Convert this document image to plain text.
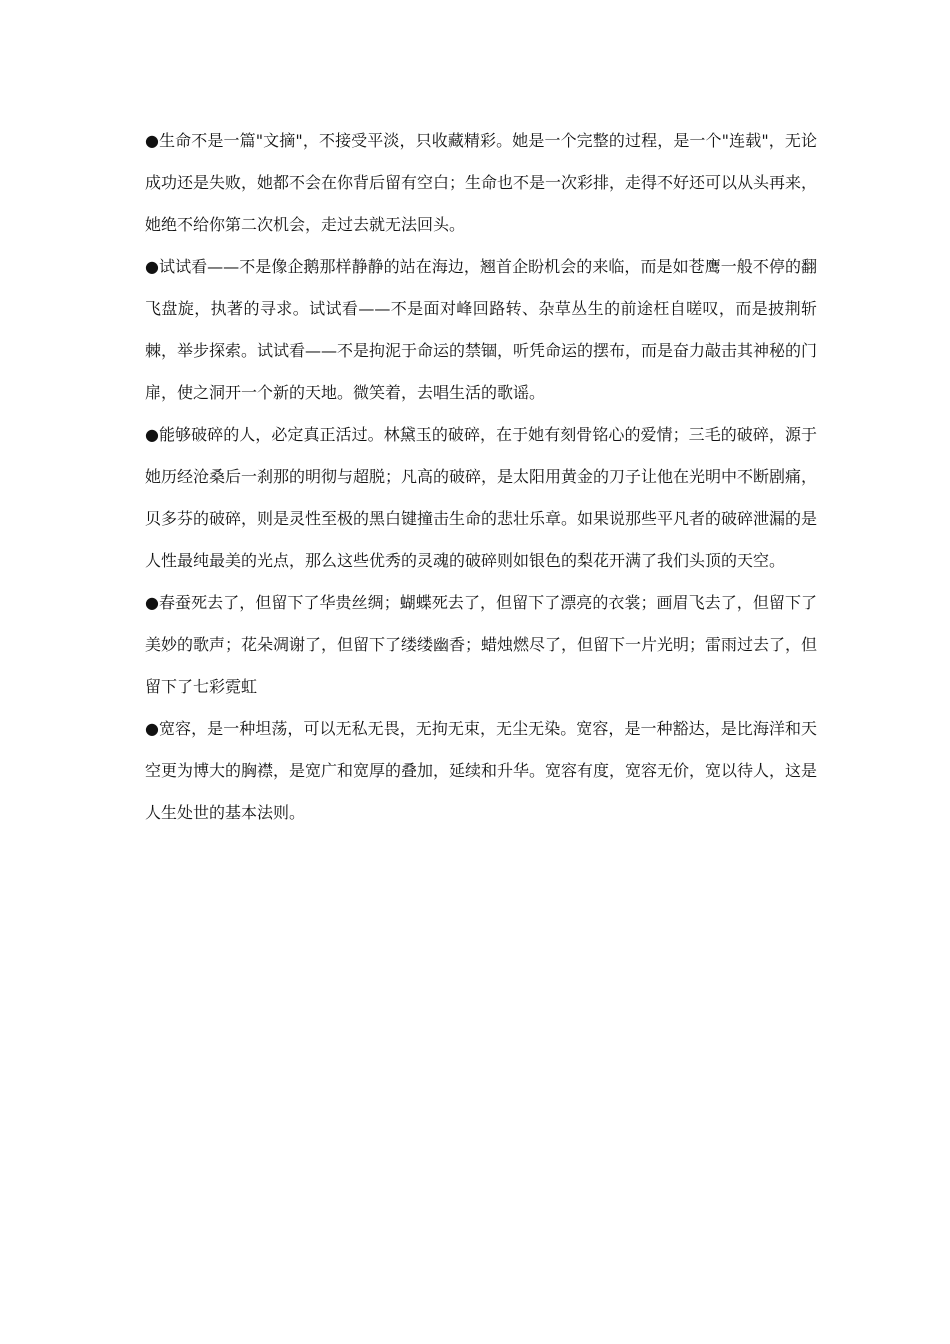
●生命不是一篇"文摘"，不接受平淡，只收藏精彩。她是一个完整的过程，是一个"连载"，无论成功还是失败，她都不会在你背后留有空白；生命也不是一次彩排，走得不好还可以从头再来，她绝不给你第二次机会，走过去就无法回头。

●试试看——不是像企鹅那样静静的站在海边，翘首企盼机会的来临，而是如苍鹰一般不停的翻飞盘旋，执著的寻求。试试看——不是面对峰回路转、杂草丛生的前途枉自嗟叹，而是披荆斩棘，举步探索。试试看——不是拘泥于命运的禁锢，听凭命运的摆布，而是奋力敲击其神秘的门扉，使之洞开一个新的天地。微笑着，去唱生活的歌谣。

●能够破碎的人，必定真正活过。林黛玉的破碎，在于她有刻骨铭心的爱情；三毛的破碎，源于她历经沧桑后一刹那的明彻与超脱；凡高的破碎，是太阳用黄金的刀子让他在光明中不断剧痛，贝多芬的破碎，则是灵性至极的黑白键撞击生命的悲壮乐章。如果说那些平凡者的破碎泄漏的是人性最纯最美的光点，那么这些优秀的灵魂的破碎则如银色的梨花开满了我们头顶的天空。

●春蚕死去了，但留下了华贵丝绸；蝴蝶死去了，但留下了漂亮的衣裳；画眉飞去了，但留下了美妙的歌声；花朵凋谢了，但留下了缕缕幽香；蜡烛燃尽了，但留下一片光明；雷雨过去了，但留下了七彩霓虹

●宽容，是一种坦荡，可以无私无畏，无拘无束，无尘无染。宽容，是一种豁达，是比海洋和天空更为博大的胸襟，是宽广和宽厚的叠加，延续和升华。宽容有度，宽容无价，宽以待人，这是人生处世的基本法则。
